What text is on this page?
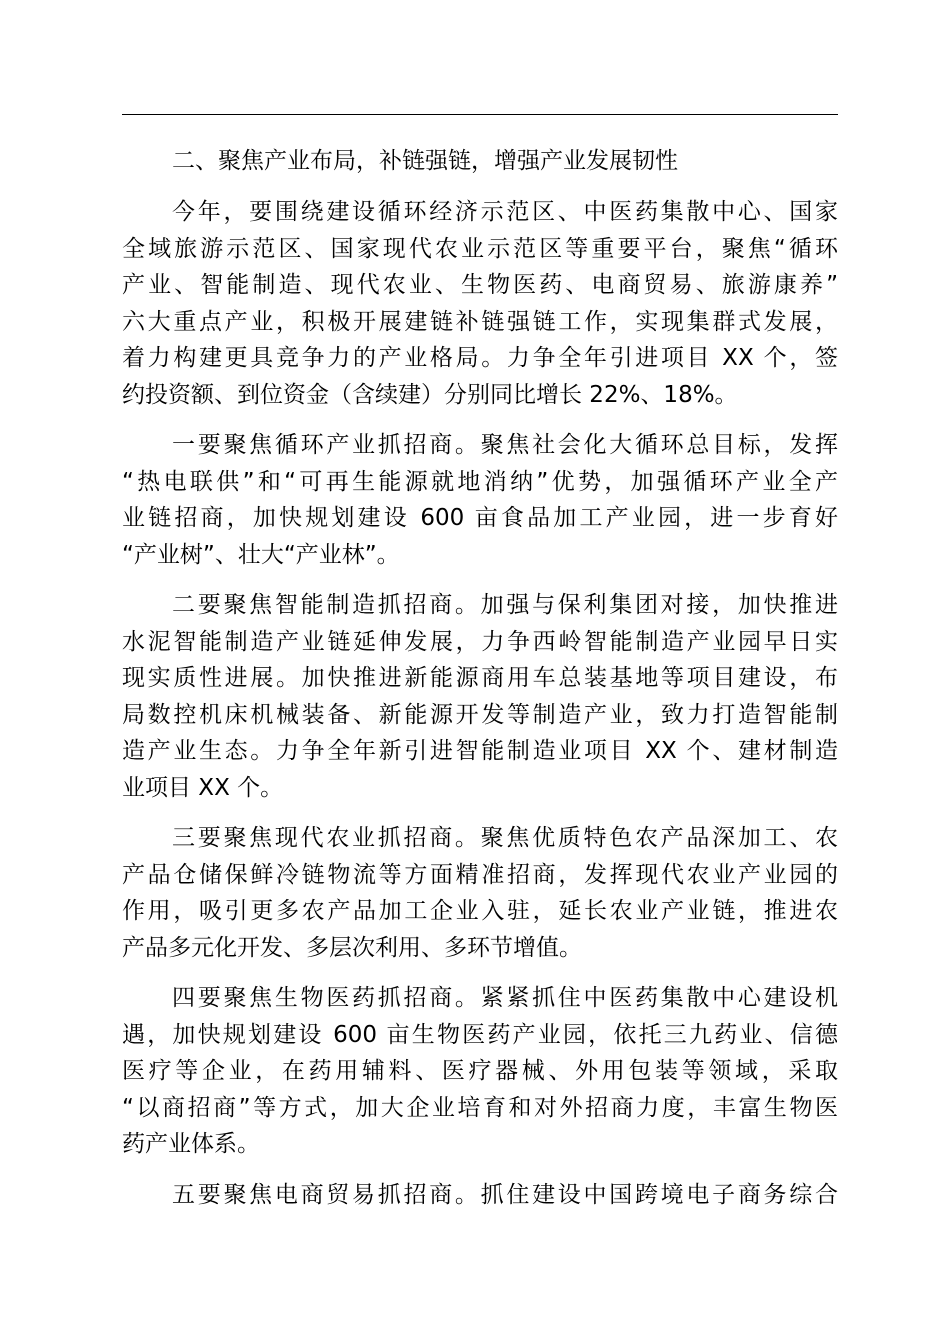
二、聚焦产业布局，补链强链，增强产业发展韧性
今年，要围绕建设循环经济示范区、中医药集散中心、国家
全域旅游示范区、国家现代农业示范区等重要平台，聚焦“循环
产业、智能制造、现代农业、生物医药、电商贸易、旅游康养”
六大重点产业，积极开展建链补链强链工作，实现集群式发展，
着力构建更具竞争力的产业格局。力争全年引进项目 XX 个，签
约投资额、到位资金（含续建）分别同比增长 22%、18%。
一要聚焦循环产业抓招商。聚焦社会化大循环总目标，发挥
“热电联供”和“可再生能源就地消纳”优势，加强循环产业全产
业链招商，加快规划建设 600 亩食品加工产业园，进一步育好
“产业树”、壮大“产业林”。
二要聚焦智能制造抓招商。加强与保利集团对接，加快推进
水泥智能制造产业链延伸发展，力争西岭智能制造产业园早日实
现实质性进展。加快推进新能源商用车总装基地等项目建设，布
局数控机床机械装备、新能源开发等制造产业，致力打造智能制
造产业生态。力争全年新引进智能制造业项目 XX 个、建材制造
业项目 XX 个。
三要聚焦现代农业抓招商。聚焦优质特色农产品深加工、农
产品仓储保鲜冷链物流等方面精准招商，发挥现代农业产业园的
作用，吸引更多农产品加工企业入驻，延长农业产业链，推进农
产品多元化开发、多层次利用、多环节增值。
四要聚焦生物医药抓招商。紧紧抓住中医药集散中心建设机
遇，加快规划建设 600 亩生物医药产业园，依托三九药业、信德
医疗等企业，在药用辅料、医疗器械、外用包装等领域，采取
“以商招商”等方式，加大企业培育和对外招商力度，丰富生物医
药产业体系。
五要聚焦电商贸易抓招商。抓住建设中国跨境电子商务综合
